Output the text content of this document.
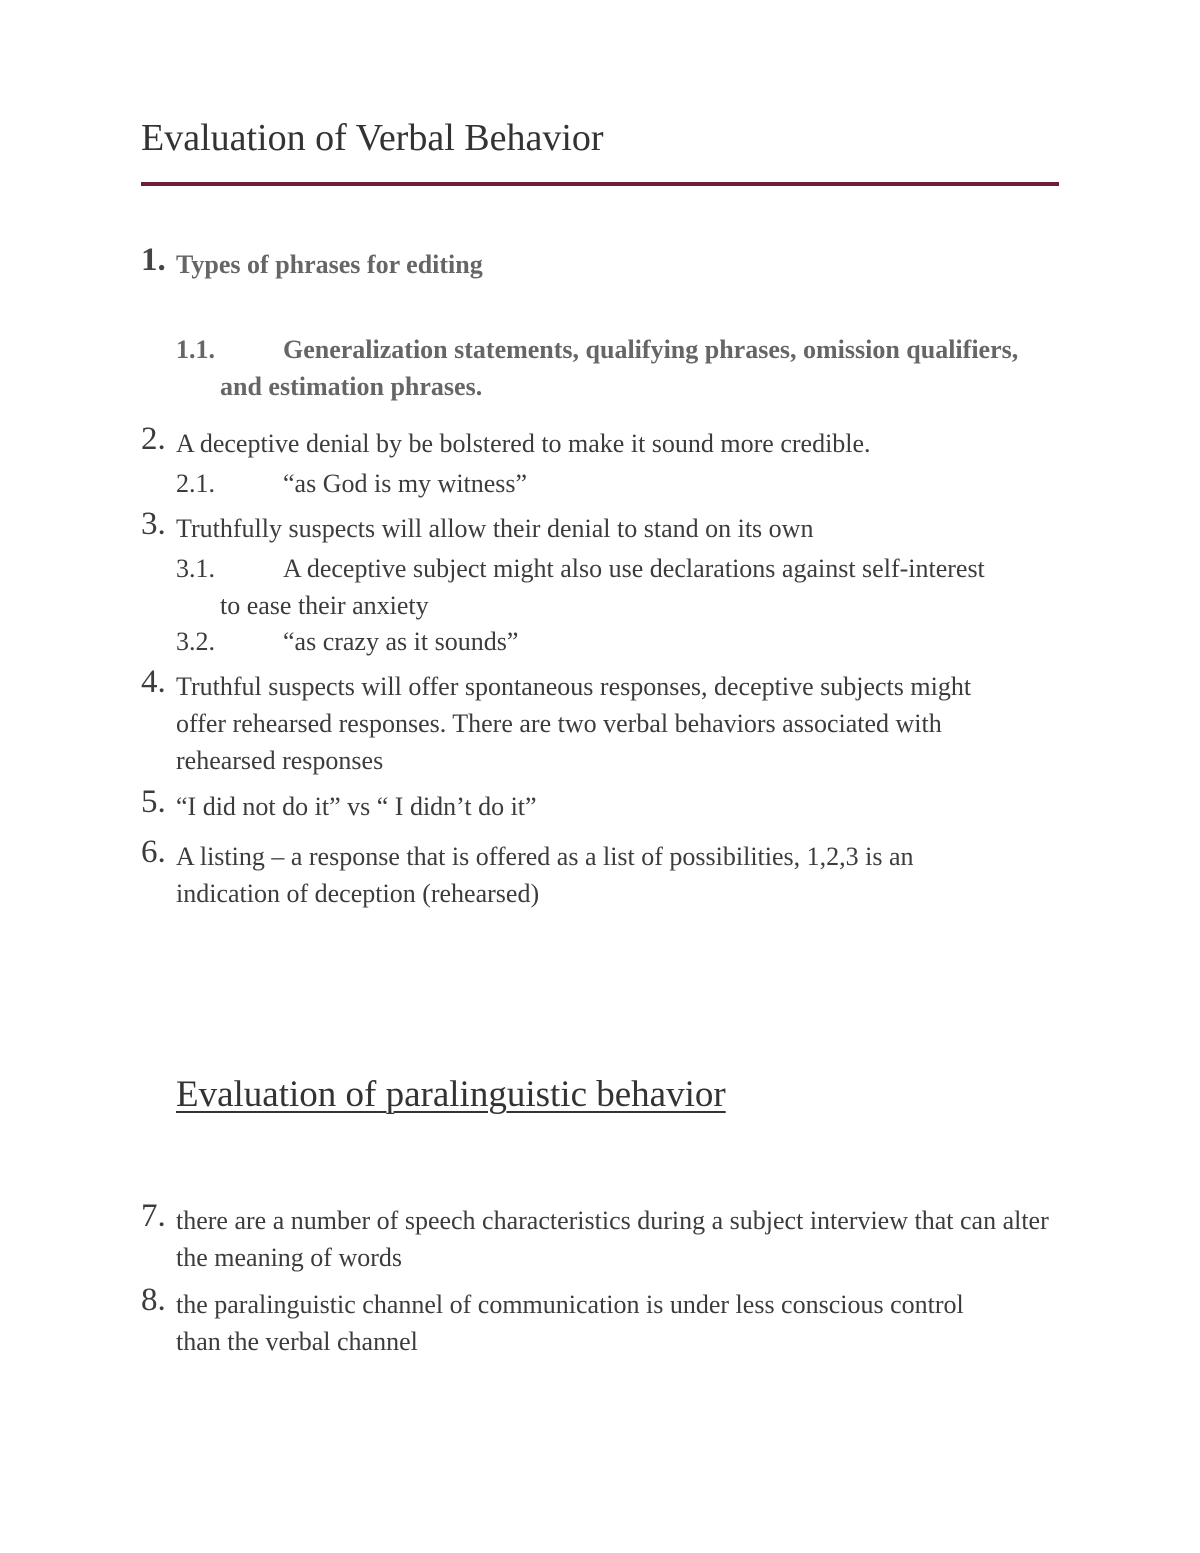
Evaluation of Verbal Behavior
1. Types of phrases for editing
1.1.	Generalization statements, qualifying phrases, omission qualifiers, and estimation phrases.
2. A deceptive denial by be bolstered to make it sound more credible.
2.1.	“as God is my witness”
3. Truthfully suspects will allow their denial to stand on its own
3.1.	A deceptive subject might also use declarations against self-interest to ease their anxiety
3.2.	“as crazy as it sounds”
4. Truthful suspects will offer spontaneous responses, deceptive subjects might offer rehearsed responses. There are two verbal behaviors associated with rehearsed responses
5. “I did not do it” vs “ I didn’t do it”
6. A listing – a response that is offered as a list of possibilities, 1,2,3 is an indication of deception (rehearsed)
Evaluation of paralinguistic behavior
7. there are a number of speech characteristics during a subject interview that can alter the meaning of words
8. the paralinguistic channel of communication is under less conscious control than the verbal channel
